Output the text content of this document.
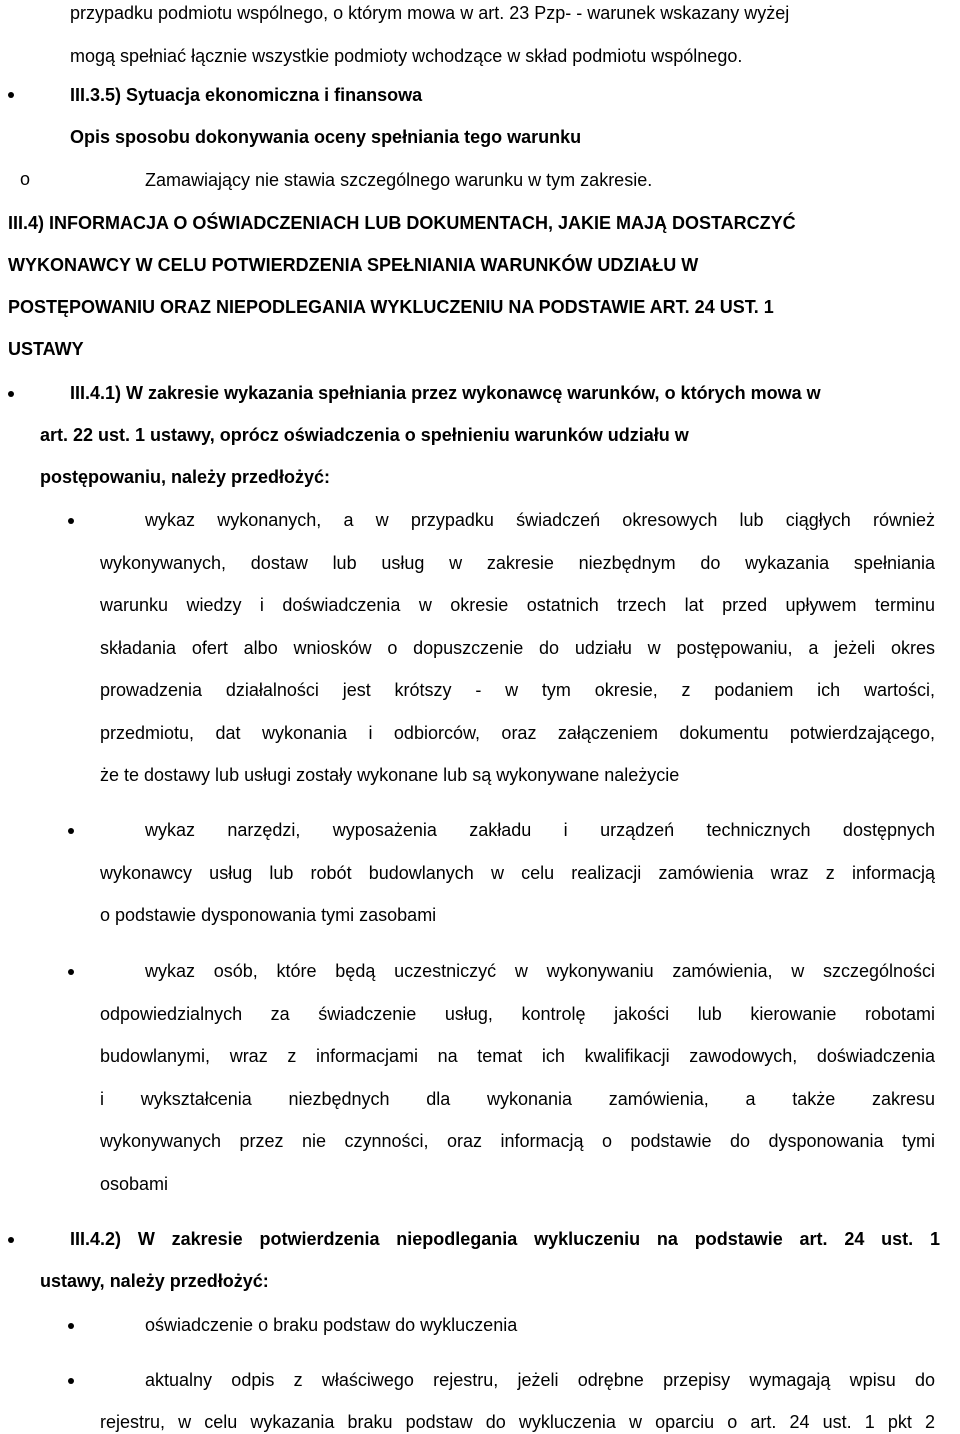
przypadku podmiotu wspólnego, o którym mowa w art. 23 Pzp- - warunek wskazany wyżej
mogą spełniać łącznie wszystkie podmioty wchodzące w skład podmiotu wspólnego.
III.3.5) Sytuacja ekonomiczna i finansowa
Opis sposobu dokonywania oceny spełniania tego warunku
o	Zamawiający nie stawia szczególnego warunku w tym zakresie.
III.4) INFORMACJA O OŚWIADCZENIACH LUB DOKUMENTACH, JAKIE MAJĄ DOSTARCZYĆ
WYKONAWCY W CELU POTWIERDZENIA SPEŁNIANIA WARUNKÓW UDZIAŁU W
POSTĘPOWANIU ORAZ NIEPODLEGANIA WYKLUCZENIU NA PODSTAWIE ART. 24 UST. 1
USTAWY
III.4.1) W zakresie wykazania spełniania przez wykonawcę warunków, o których mowa w
art. 22 ust. 1 ustawy, oprócz oświadczenia o spełnieniu warunków udziału w
postępowaniu, należy przedłożyć:
wykaz wykonanych, a w przypadku świadczeń okresowych lub ciągłych również
wykonywanych, dostaw lub usług w zakresie niezbędnym do wykazania spełniania
warunku wiedzy i doświadczenia w okresie ostatnich trzech lat przed upływem terminu
składania ofert albo wniosków o dopuszczenie do udziału w postępowaniu, a jeżeli okres
prowadzenia działalności jest krótszy - w tym okresie, z podaniem ich wartości,
przedmiotu, dat wykonania i odbiorców, oraz załączeniem dokumentu potwierdzającego,
że te dostawy lub usługi zostały wykonane lub są wykonywane należycie
wykaz narzędzi, wyposażenia zakładu i urządzeń technicznych dostępnych
wykonawcy usług lub robót budowlanych w celu realizacji zamówienia wraz z informacją
o podstawie dysponowania tymi zasobami
wykaz osób, które będą uczestniczyć w wykonywaniu zamówienia, w szczególności
odpowiedzialnych za świadczenie usług, kontrolę jakości lub kierowanie robotami
budowlanymi, wraz z informacjami na temat ich kwalifikacji zawodowych, doświadczenia
i wykształcenia niezbędnych dla wykonania zamówienia, a także zakresu
wykonywanych przez nie czynności, oraz informacją o podstawie do dysponowania tymi
osobami
III.4.2) W zakresie potwierdzenia niepodlegania wykluczeniu na podstawie art. 24 ust. 1
ustawy, należy przedłożyć:
oświadczenie o braku podstaw do wykluczenia
aktualny odpis z właściwego rejestru, jeżeli odrębne przepisy wymagają wpisu do
rejestru, w celu wykazania braku podstaw do wykluczenia w oparciu o art. 24 ust. 1 pkt 2
